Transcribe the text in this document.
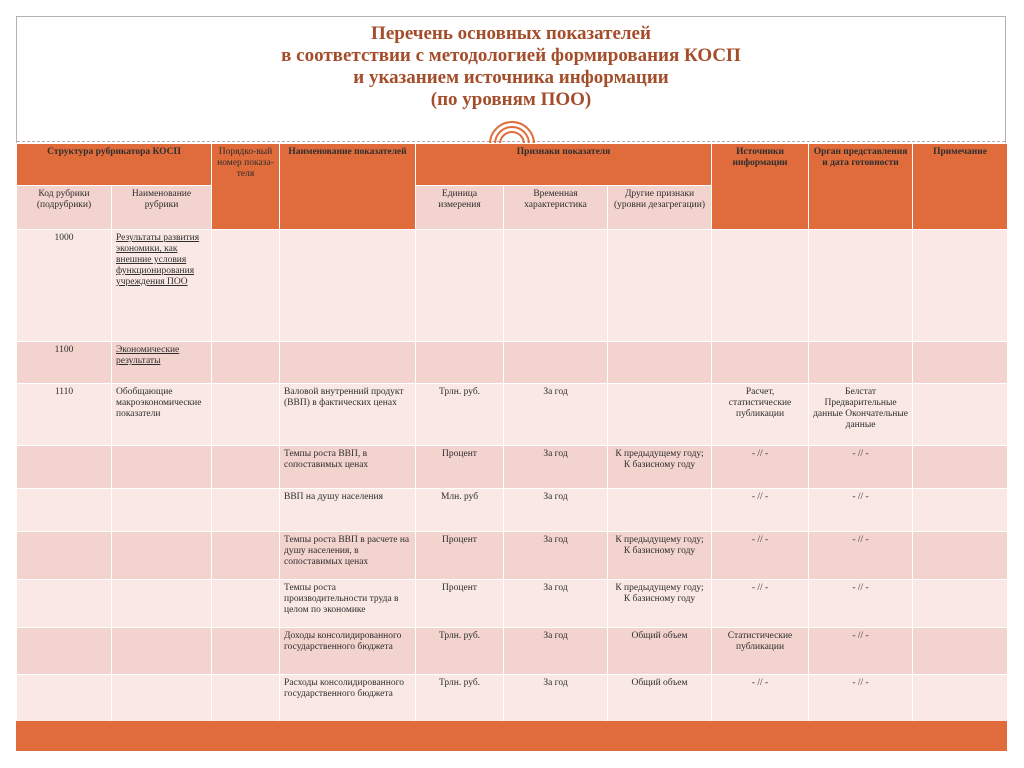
Перечень основных показателей
в соответствии с методологией формирования КОСП
и указанием источника информации
(по уровням ПОО)
Структура рубрикатора КОСП		Порядко-вый номер показа-теля	Наименование показателей	Признаки показателя			Источники информации	Орган представления и дата готовности	Примечание
Код рубрики (подрубрики)	Наименование рубрики			Единица измерения	Временная характеристика	Другие признаки (уровни дезагрегации)			
1000	Результаты развития экономики, как внешние условия функционирования учреждения ПОО								
1100	Экономические результаты								
1110	Обобщающие макроэкономические показатели		Валовой внутренний продукт (ВВП) в фактических ценах	Трлн. руб.	За год		Расчет, статистические публикации	Белстат Предварительные данные Окончательные данные	
			Темпы роста ВВП, в сопоставимых ценах	Процент	За год	К предыдущему году; К базисному году	- // -	- // -	
			ВВП на душу населения	Млн. руб	За год		- // -	- // -	
			Темпы роста ВВП в расчете на душу населения, в сопоставимых ценах	Процент	За год	К предыдущему году; К базисному году	- // -	- // -	
			Темпы роста производительности труда в целом по экономике	Процент	За год	К предыдущему году; К базисному году	- // -	- // -	
			Доходы консолидированного государственного бюджета	Трлн. руб.	За год	Общий объем	Статистические публикации	- // -	
			Расходы консолидированного государственного бюджета	Трлн. руб.	За год	Общий объем	- // -	- // -	
